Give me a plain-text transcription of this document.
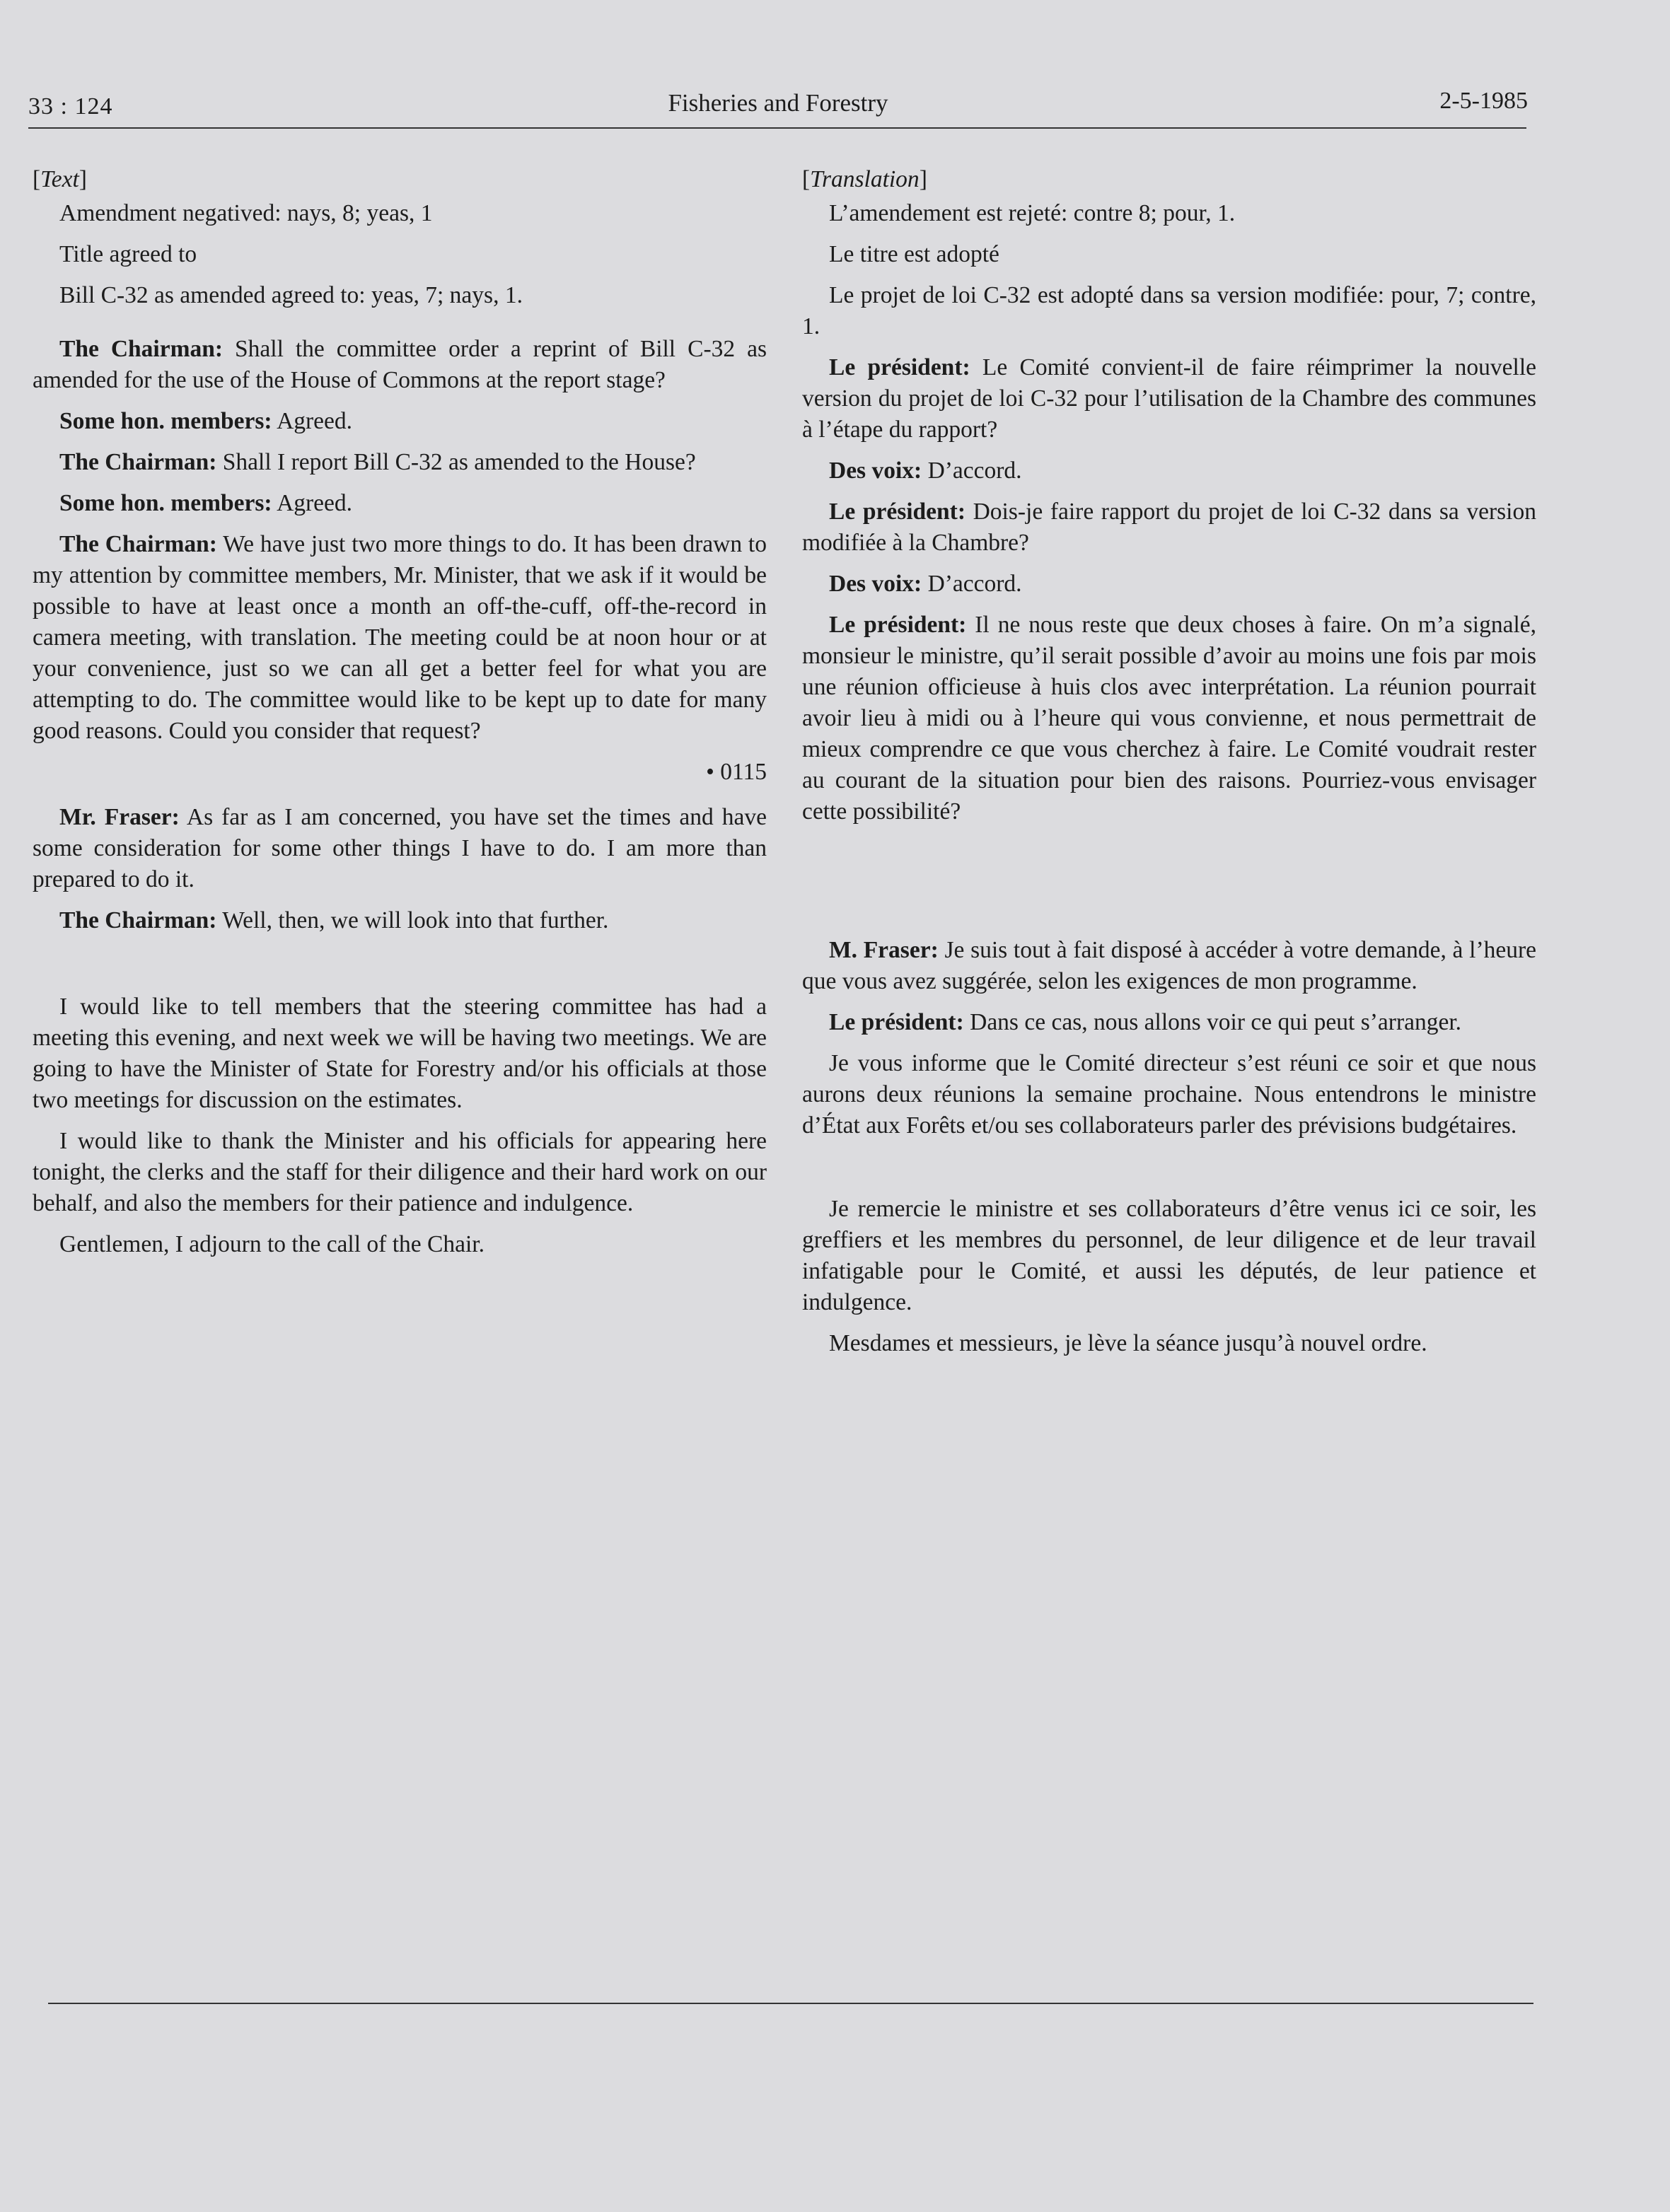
33 : 124	Fisheries and Forestry	2-5-1985

[Text]

Amendment negatived: nays, 8; yeas, 1

Title agreed to

Bill C-32 as amended agreed to: yeas, 7; nays, 1.

The Chairman: Shall the committee order a reprint of Bill C-32 as amended for the use of the House of Commons at the report stage?

Some hon. members: Agreed.

The Chairman: Shall I report Bill C-32 as amended to the House?

Some hon. members: Agreed.

The Chairman: We have just two more things to do. It has been drawn to my attention by committee members, Mr. Minister, that we ask if it would be possible to have at least once a month an off-the-cuff, off-the-record in camera meeting, with translation. The meeting could be at noon hour or at your convenience, just so we can all get a better feel for what you are attempting to do. The committee would like to be kept up to date for many good reasons. Could you consider that request?

• 0115

Mr. Fraser: As far as I am concerned, you have set the times and have some consideration for some other things I have to do. I am more than prepared to do it.

The Chairman: Well, then, we will look into that further.

I would like to tell members that the steering committee has had a meeting this evening, and next week we will be having two meetings. We are going to have the Minister of State for Forestry and/or his officials at those two meetings for discussion on the estimates.

I would like to thank the Minister and his officials for appearing here tonight, the clerks and the staff for their diligence and their hard work on our behalf, and also the members for their patience and indulgence.

Gentlemen, I adjourn to the call of the Chair.

[Translation]

L’amendement est rejeté: contre 8; pour, 1.

Le titre est adopté

Le projet de loi C-32 est adopté dans sa version modifiée: pour, 7; contre, 1.

Le président: Le Comité convient-il de faire réimprimer la nouvelle version du projet de loi C-32 pour l’utilisation de la Chambre des communes à l’étape du rapport?

Des voix: D’accord.

Le président: Dois-je faire rapport du projet de loi C-32 dans sa version modifiée à la Chambre?

Des voix: D’accord.

Le président: Il ne nous reste que deux choses à faire. On m’a signalé, monsieur le ministre, qu’il serait possible d’avoir au moins une fois par mois une réunion officieuse à huis clos avec interprétation. La réunion pourrait avoir lieu à midi ou à l’heure qui vous convienne, et nous permettrait de mieux comprendre ce que vous cherchez à faire. Le Comité voudrait rester au courant de la situation pour bien des raisons. Pourriez-vous envisager cette possibilité?

M. Fraser: Je suis tout à fait disposé à accéder à votre demande, à l’heure que vous avez suggérée, selon les exigences de mon programme.

Le président: Dans ce cas, nous allons voir ce qui peut s’arranger.

Je vous informe que le Comité directeur s’est réuni ce soir et que nous aurons deux réunions la semaine prochaine. Nous entendrons le ministre d’État aux Forêts et/ou ses collaborateurs parler des prévisions budgétaires.

Je remercie le ministre et ses collaborateurs d’être venus ici ce soir, les greffiers et les membres du personnel, de leur diligence et de leur travail infatigable pour le Comité, et aussi les députés, de leur patience et indulgence.

Mesdames et messieurs, je lève la séance jusqu’à nouvel ordre.
